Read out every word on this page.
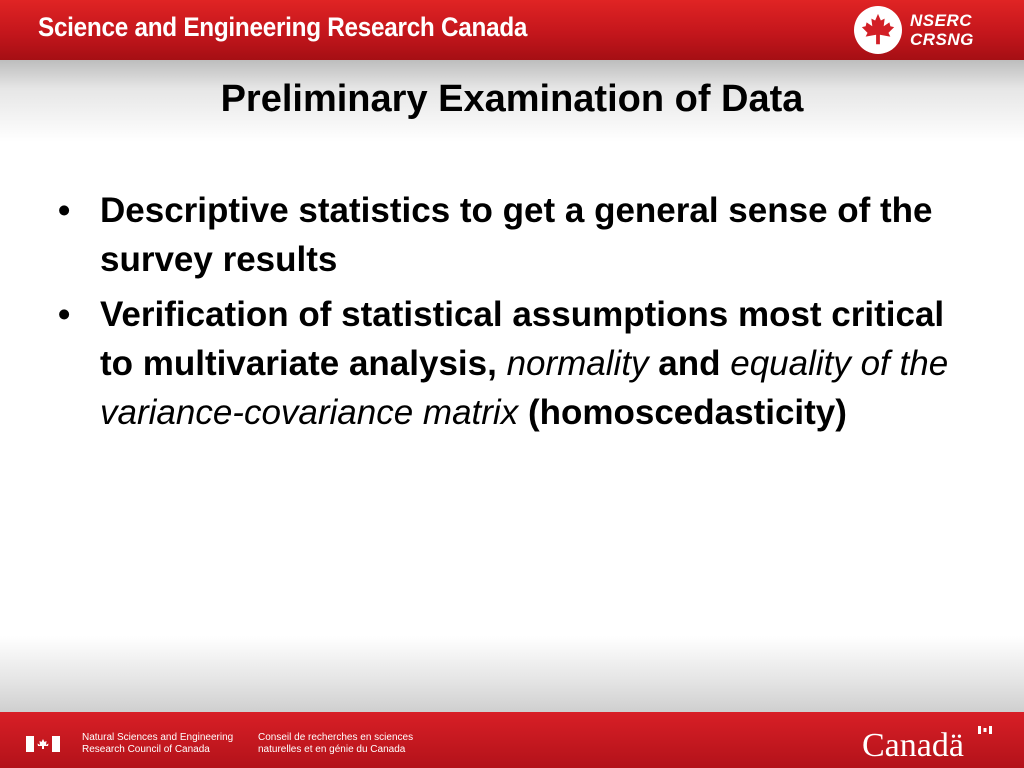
Science and Engineering Research Canada	NSERC
CRSNG
Preliminary Examination of Data
• Descriptive statistics to get a general sense of the survey results
• Verification of statistical assumptions most critical to multivariate analysis, normality and equality of the variance-covariance matrix (homoscedasticity)
Natural Sciences and Engineering
Research Council of Canada
Conseil de recherches en sciences
naturelles et en génie du Canada	Canadä
